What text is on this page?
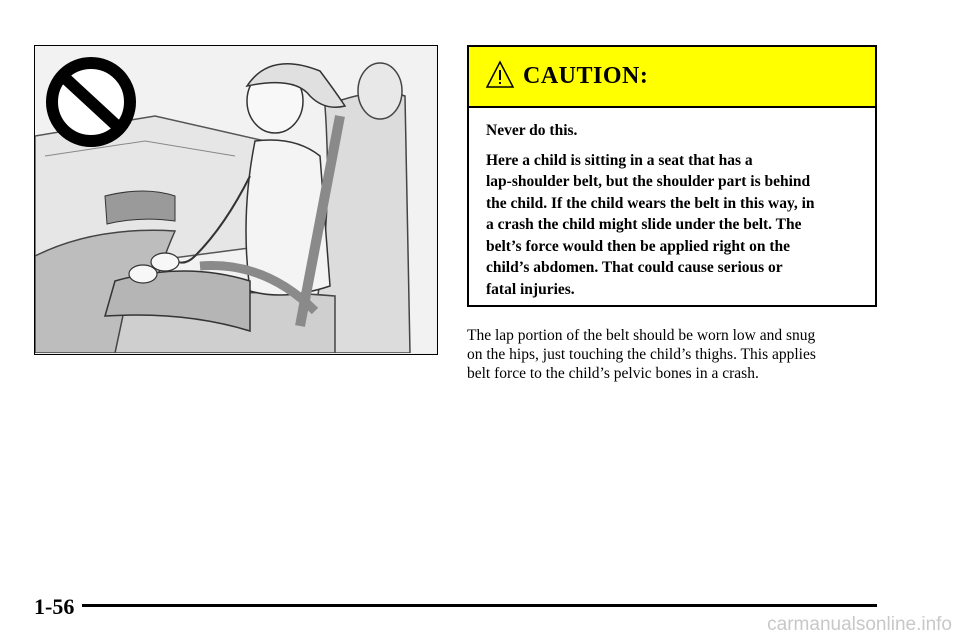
CAUTION:

Never do this.

Here a child is sitting in a seat that has a
lap-shoulder belt, but the shoulder part is behind
the child. If the child wears the belt in this way, in
a crash the child might slide under the belt. The
belt’s force would then be applied right on the
child’s abdomen. That could cause serious or
fatal injuries.

The lap portion of the belt should be worn low and snug
on the hips, just touching the child’s thighs. This applies
belt force to the child’s pelvic bones in a crash.

1-56
carmanualsonline.info
